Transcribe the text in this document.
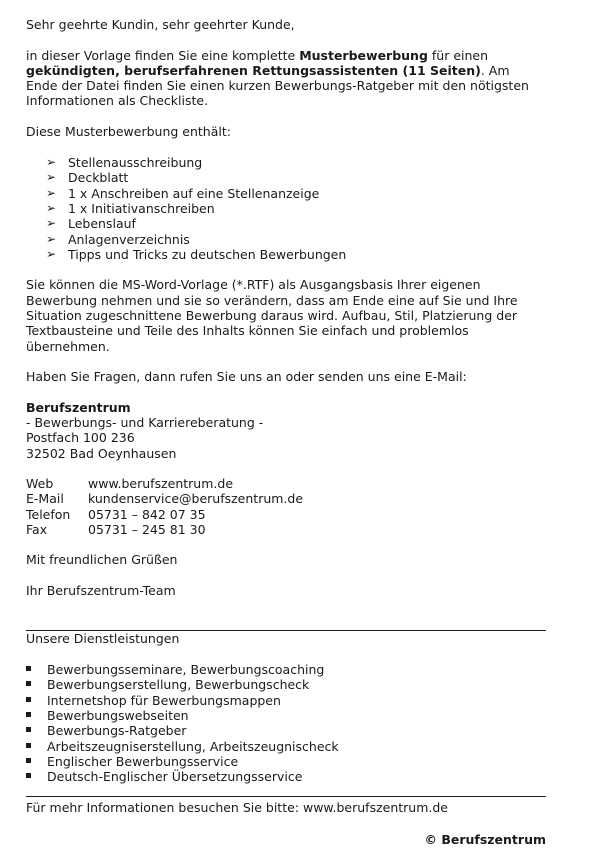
Sehr geehrte Kundin, sehr geehrter Kunde,
in dieser Vorlage finden Sie eine komplette Musterbewerbung für einen
gekündigten, berufserfahrenen Rettungsassistenten (11 Seiten). Am
Ende der Datei finden Sie einen kurzen Bewerbungs-Ratgeber mit den nötigsten
Informationen als Checkliste.
Diese Musterbewerbung enthält:
➢ Stellenausschreibung
➢ Deckblatt
➢ 1 x Anschreiben auf eine Stellenanzeige
➢ 1 x Initiativanschreiben
➢ Lebenslauf
➢ Anlagenverzeichnis
➢ Tipps und Tricks zu deutschen Bewerbungen
Sie können die MS-Word-Vorlage (*.RTF) als Ausgangsbasis Ihrer eigenen
Bewerbung nehmen und sie so verändern, dass am Ende eine auf Sie und Ihre
Situation zugeschnittene Bewerbung daraus wird. Aufbau, Stil, Platzierung der
Textbausteine und Teile des Inhalts können Sie einfach und problemlos
übernehmen.
Haben Sie Fragen, dann rufen Sie uns an oder senden uns eine E-Mail:
Berufszentrum
- Bewerbungs- und Karriereberatung -
Postfach 100 236
32502 Bad Oeynhausen
Web	www.berufszentrum.de
E-Mail kundenservice@berufszentrum.de
Telefon 05731 – 842 07 35
Fax	05731 – 245 81 30
Mit freundlichen Grüßen
Ihr Berufszentrum-Team
Unsere Dienstleistungen
Bewerbungsseminare, Bewerbungscoaching
Bewerbungserstellung, Bewerbungscheck
Internetshop für Bewerbungsmappen
Bewerbungswebseiten
Bewerbungs-Ratgeber
Arbeitszeugniserstellung, Arbeitszeugnischeck
Englischer Bewerbungsservice
Deutsch-Englischer Übersetzungsservice
Für mehr Informationen besuchen Sie bitte: www.berufszentrum.de
© Berufszentrum
